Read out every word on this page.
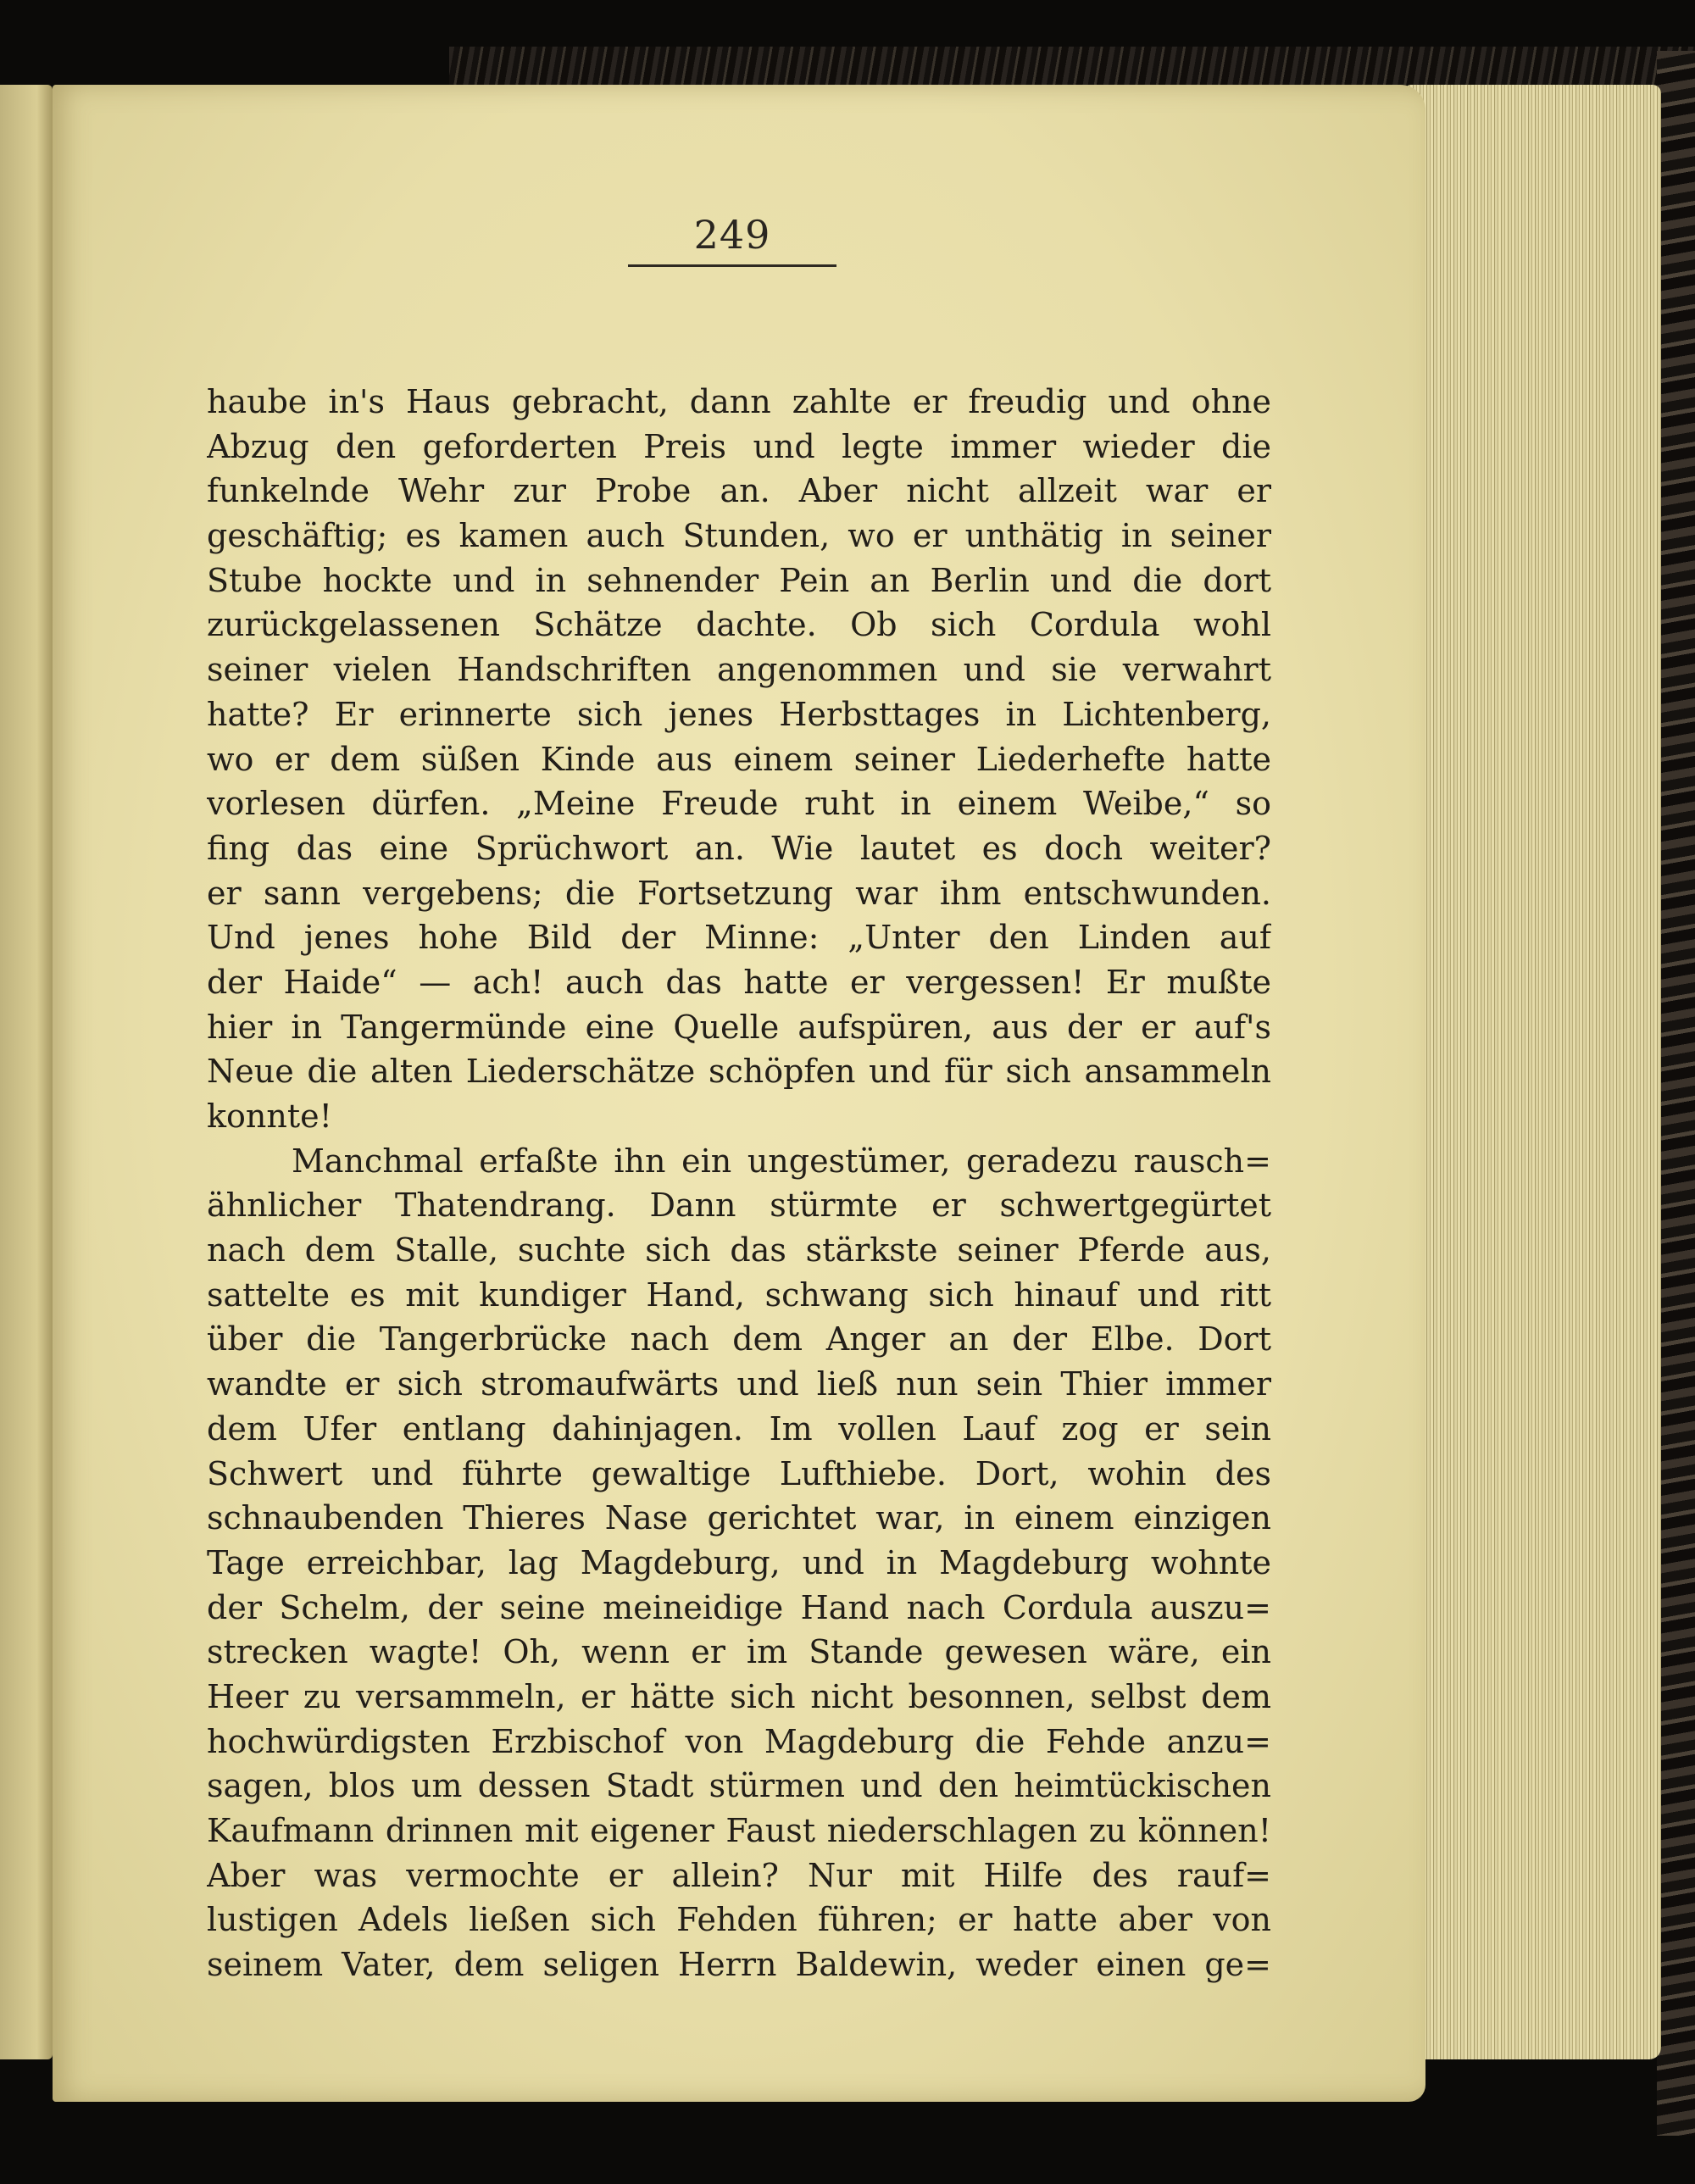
249
haube in's Haus gebracht, dann zahlte er freudig und ohne
Abzug den geforderten Preis und legte immer wieder die
funkelnde Wehr zur Probe an. Aber nicht allzeit war er
geschäftig; es kamen auch Stunden, wo er unthätig in seiner
Stube hockte und in sehnender Pein an Berlin und die dort
zurückgelassenen Schätze dachte. Ob sich Cordula wohl
seiner vielen Handschriften angenommen und sie verwahrt
hatte? Er erinnerte sich jenes Herbsttages in Lichtenberg,
wo er dem süßen Kinde aus einem seiner Liederhefte hatte
vorlesen dürfen. „Meine Freude ruht in einem Weibe,“ so
fing das eine Sprüchwort an. Wie lautet es doch weiter?
er sann vergebens; die Fortsetzung war ihm entschwunden.
Und jenes hohe Bild der Minne: „Unter den Linden auf
der Haide“ — ach! auch das hatte er vergessen! Er mußte
hier in Tangermünde eine Quelle aufspüren, aus der er auf's
Neue die alten Liederschätze schöpfen und für sich ansammeln
konnte!
Manchmal erfaßte ihn ein ungestümer, geradezu rausch=
ähnlicher Thatendrang. Dann stürmte er schwertgegürtet
nach dem Stalle, suchte sich das stärkste seiner Pferde aus,
sattelte es mit kundiger Hand, schwang sich hinauf und ritt
über die Tangerbrücke nach dem Anger an der Elbe. Dort
wandte er sich stromaufwärts und ließ nun sein Thier immer
dem Ufer entlang dahinjagen. Im vollen Lauf zog er sein
Schwert und führte gewaltige Lufthiebe. Dort, wohin des
schnaubenden Thieres Nase gerichtet war, in einem einzigen
Tage erreichbar, lag Magdeburg, und in Magdeburg wohnte
der Schelm, der seine meineidige Hand nach Cordula auszu=
strecken wagte! Oh, wenn er im Stande gewesen wäre, ein
Heer zu versammeln, er hätte sich nicht besonnen, selbst dem
hochwürdigsten Erzbischof von Magdeburg die Fehde anzu=
sagen, blos um dessen Stadt stürmen und den heimtückischen
Kaufmann drinnen mit eigener Faust niederschlagen zu können!
Aber was vermochte er allein? Nur mit Hilfe des rauf=
lustigen Adels ließen sich Fehden führen; er hatte aber von
seinem Vater, dem seligen Herrn Baldewin, weder einen ge=
